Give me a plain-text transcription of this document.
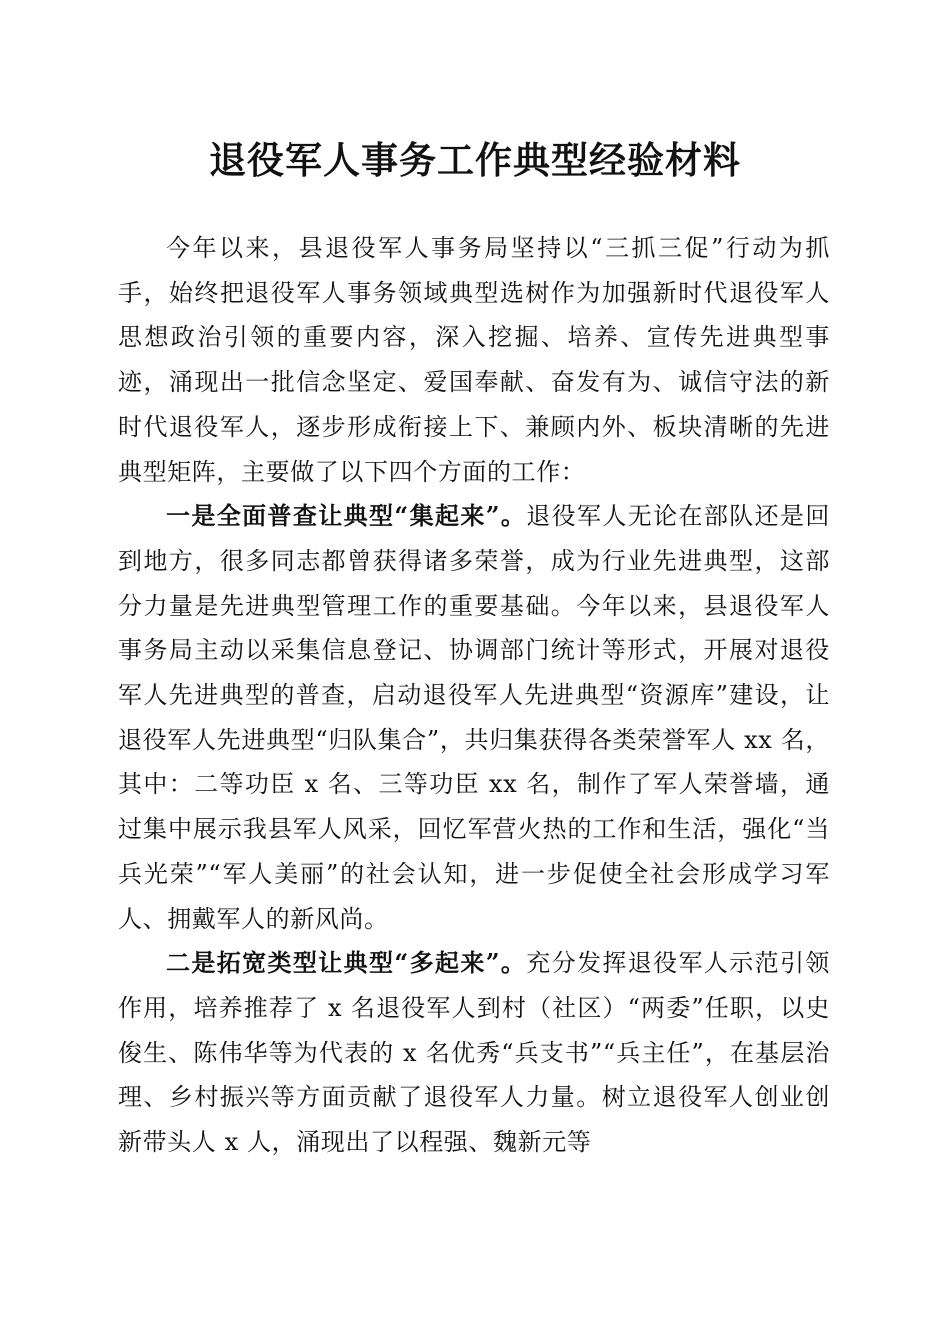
退役军人事务工作典型经验材料

今年以来，县退役军人事务局坚持以“三抓三促”行动为抓手，始终把退役军人事务领域典型选树作为加强新时代退役军人思想政治引领的重要内容，深入挖掘、培养、宣传先进典型事迹，涌现出一批信念坚定、爱国奉献、奋发有为、诚信守法的新时代退役军人，逐步形成衔接上下、兼顾内外、板块清晰的先进典型矩阵，主要做了以下四个方面的工作：

一是全面普查让典型“集起来”。退役军人无论在部队还是回到地方，很多同志都曾获得诸多荣誉，成为行业先进典型，这部分力量是先进典型管理工作的重要基础。今年以来，县退役军人事务局主动以采集信息登记、协调部门统计等形式，开展对退役军人先进典型的普查，启动退役军人先进典型“资源库”建设，让退役军人先进典型“归队集合”，共归集获得各类荣誉军人 xx 名，其中：二等功臣 x 名、三等功臣 xx 名，制作了军人荣誉墙，通过集中展示我县军人风采，回忆军营火热的工作和生活，强化“当兵光荣”“军人美丽”的社会认知，进一步促使全社会形成学习军人、拥戴军人的新风尚。

二是拓宽类型让典型“多起来”。充分发挥退役军人示范引领作用，培养推荐了 x 名退役军人到村（社区）“两委”任职，以史俊生、陈伟华等为代表的 x 名优秀“兵支书”“兵主任”，在基层治理、乡村振兴等方面贡献了退役军人力量。树立退役军人创业创新带头人 x 人，涌现出了以程强、魏新元等
